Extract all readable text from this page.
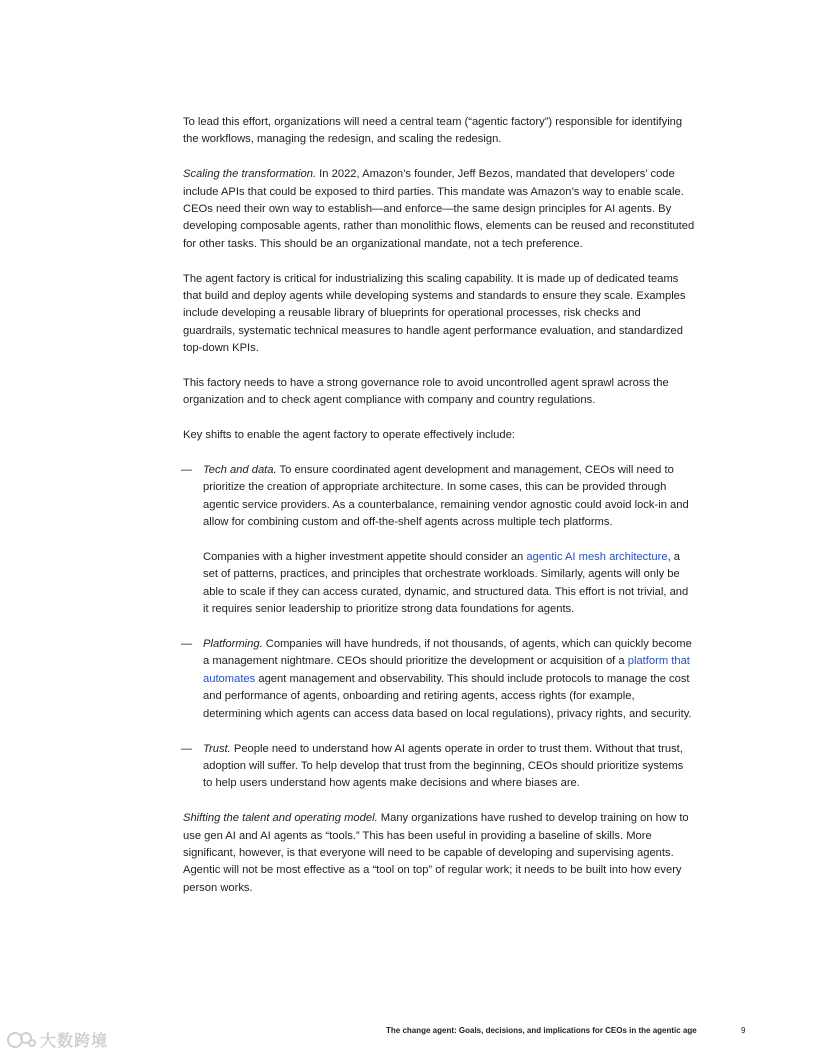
To lead this effort, organizations will need a central team (“agentic factory”) responsible for identifying the workflows, managing the redesign, and scaling the redesign.

Scaling the transformation. In 2022, Amazon’s founder, Jeff Bezos, mandated that developers’ code include APIs that could be exposed to third parties. This mandate was Amazon’s way to enable scale. CEOs need their own way to establish—and enforce—the same design principles for AI agents. By developing composable agents, rather than monolithic flows, elements can be reused and reconstituted for other tasks. This should be an organizational mandate, not a tech preference.

The agent factory is critical for industrializing this scaling capability. It is made up of dedicated teams that build and deploy agents while developing systems and standards to ensure they scale. Examples include developing a reusable library of blueprints for operational processes, risk checks and guardrails, systematic technical measures to handle agent performance evaluation, and standardized top-down KPIs.

This factory needs to have a strong governance role to avoid uncontrolled agent sprawl across the organization and to check agent compliance with company and country regulations.

Key shifts to enable the agent factory to operate effectively include:

— Tech and data. To ensure coordinated agent development and management, CEOs will need to prioritize the creation of appropriate architecture. In some cases, this can be provided through agentic service providers. As a counterbalance, remaining vendor agnostic could avoid lock-in and allow for combining custom and off-the-shelf agents across multiple tech platforms.

Companies with a higher investment appetite should consider an agentic AI mesh architecture, a set of patterns, practices, and principles that orchestrate workloads. Similarly, agents will only be able to scale if they can access curated, dynamic, and structured data. This effort is not trivial, and it requires senior leadership to prioritize strong data foundations for agents.

— Platforming. Companies will have hundreds, if not thousands, of agents, which can quickly become a management nightmare. CEOs should prioritize the development or acquisition of a platform that automates agent management and observability. This should include protocols to manage the cost and performance of agents, onboarding and retiring agents, access rights (for example, determining which agents can access data based on local regulations), privacy rights, and security.

— Trust. People need to understand how AI agents operate in order to trust them. Without that trust, adoption will suffer. To help develop that trust from the beginning, CEOs should prioritize systems to help users understand how agents make decisions and where biases are.

Shifting the talent and operating model. Many organizations have rushed to develop training on how to use gen AI and AI agents as “tools.” This has been useful in providing a baseline of skills. More significant, however, is that everyone will need to be capable of developing and supervising agents. Agentic will not be most effective as a “tool on top” of regular work; it needs to be built into how every person works.

大数跨境
The change agent: Goals, decisions, and implications for CEOs in the agentic age	9
